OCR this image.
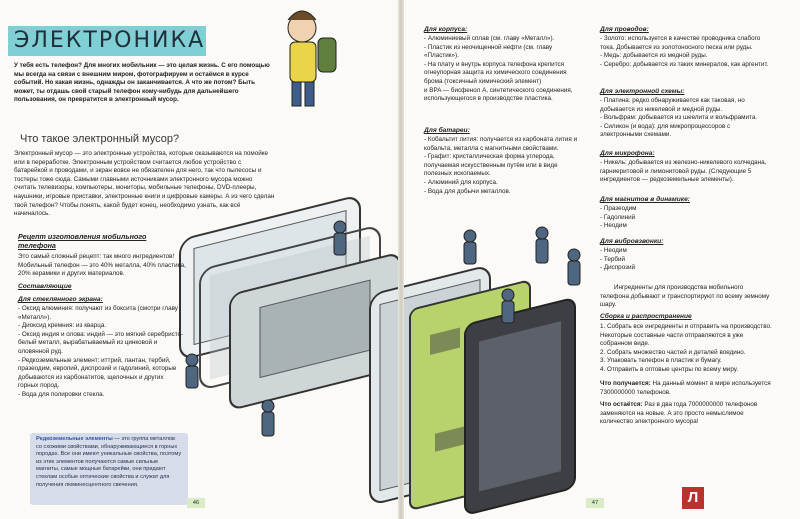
ЭЛЕКТРОНИКА
У тебя есть телефон? Для многих мобильник — это целая жизнь. С его помощью мы всегда на связи с внешним миром, фотографируем и остаёмся в курсе событий. Но какая жизнь, однажды он заканчивается. А что же потом? Быть может, ты отдашь свой старый телефон кому-нибудь для дальнейшего пользования, он превратится в электронный мусор.
Что такое электронный мусор?
Электронный мусор — это электронные устройства, которые оказываются на помойке или в переработке. Электронным устройством считается любое устройство с батарейкой и проводами, и экран вовсе не обязателен для него, так что пылесосы и тостеры тоже сюда. Самыми главными источниками электронного мусора можно считать телевизоры, компьютеры, мониторы, мобильные телефоны, DVD-плееры, наушники, игровые приставки, электронные книги и цифровые камеры. А из чего сделан твой телефон? Чтобы понять, какой будет конец, необходимо узнать, как всё начиналось.
Рецепт изготовления мобильного телефона
Это самый сложный рецепт: так много ингредиентов! Мобильный телефон — это 40% металла, 40% пластика, 20% керамики и других материалов.
Составляющие
Для стеклянного экрана:
- Оксид алюминия: получают из боксита (смотри главу «Металл»).
- Диоксид кремния: из кварца.
- Оксид индия и олова: индий — это мягкий серебристо-белый металл, вырабатываемый из цинковой и оловянной руд.
- Редкоземельные элемент: иттрий, лантан, тербий, празеодим, европий, диспрозий и гадолиний, которые добываются из карбонатитов, щелочных и других горных пород.
- Вода для полировки стекла.
Редкоземельные элементы — это группа металлов со схожими свойствами, обнаруживающиеся в горных породах. Все они имеют уникальные свойства, поэтому из этих элементов получаются самые сильные магниты, самые мощные батарейки, они придают стеклам особые оптические свойства и служат для получения люминесцентного свечения.
46
Для корпуса:
- Алюминиевый сплав (см. главу «Металл»).
- Пластик из неочищенной нефти (см. главу «Пластик»).
- На плату и внутрь корпуса телефона крепится огнеупорная защита из химического соединения брома (токсичный химический элемент)
и BPA — бисфенол А, синтетического соединения, использующегося в производстве пластика.
Для батареи:
- Кобальтит лития: получается из карбоната лития и кобальта, металла с магнитными свойствами.
- Графит: кристаллическая форма углерода, получаемая искусственным путём или в виде полезных ископаемых.
- Алюминий для корпуса.
- Вода для добычи металлов.
Для проводов:
- Золото: используется в качестве проводника слабого тока. Добывается из золотоносного песка или руды.
- Медь: добывается из медной руды.
- Серебро: добывается из таких минералов, как аргентит.
Для электронной схемы:
- Платина: редко обнаруживается как таковая, но добывается из никелевой и медной руды.
- Вольфрам: добывается из шеелита и вольфрамита.
- Силикон (и вода): для микропроцессоров с электронными схемами.
Для микрофона:
- Никель: добывается из железно-никелевого колчедана, гарниеритовой и лимонитовой руды. (Следующие 5 ингредиентов — редкоземельные элементы).
Для магнитов в динамике:
- Празеодим
- Гадолиний
- Неодим
Для вибровзвонки:
- Неодим
- Тербий
- Диспрозий
Ингредиенты для производства мобильного телефона добывают и транспортируют по всему земному шару.
Сборка и распространение
1. Собрать все ингредиенты и отправить на производство. Некоторые составные части отправляются в уже собранном виде.
2. Собрать множество частей и деталей воедино.
3. Упаковать телефон в пластик и бумагу.
4. Отправить в оптовые центры по всему миру.
Что получается: На данный момент в мире используется 7300000000 телефонов.
Что остаётся: Раз в два года 7000000000 телефонов заменяются на новые. А это просто немыслимое количество электронного мусора!
47	Л
